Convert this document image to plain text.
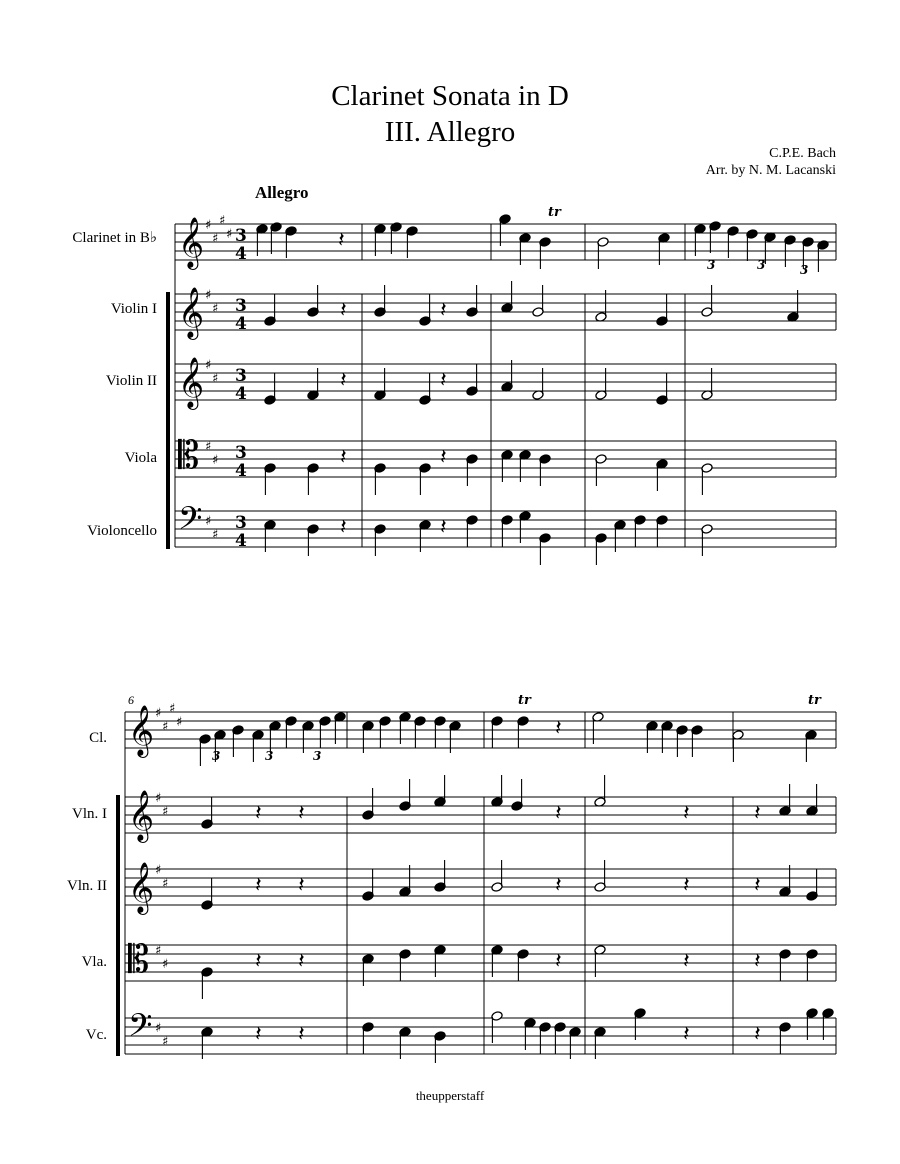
Clarinet Sonata in D
III. Allegro
C.P.E. Bach
Arr. by N. M. Lacanski
Allegro
Clarinet in B♭
Violin I
Violin II
Viola
Violoncello
6
Cl.
Vln. I
Vln. II
Vla.
Vc.
theupperstaff
𝄞 ♯
♯
♯
♯ 3
4
𝄞 ♯
♯ 3
4
𝄞 ♯
♯ 3
4
𝄡 ♯
♯ 3
4
𝄢 ♯
♯
3
4
𝄞 ♯
♯
♯
♯
𝄞 ♯
♯
𝄞 ♯
♯
𝄡 ♯
♯
𝄢 ♯
♯
𝄽
tr
3	3	3
𝄽	𝄽
𝄽	𝄽
𝄽	𝄽
𝄽	𝄽
𝄽
tr	tr
3	3	3
𝄽 𝄽	𝄽	𝄽	𝄽
𝄽 𝄽	𝄽	𝄽	𝄽
𝄽 𝄽	𝄽	𝄽	𝄽
𝄽 𝄽	𝄽	𝄽
